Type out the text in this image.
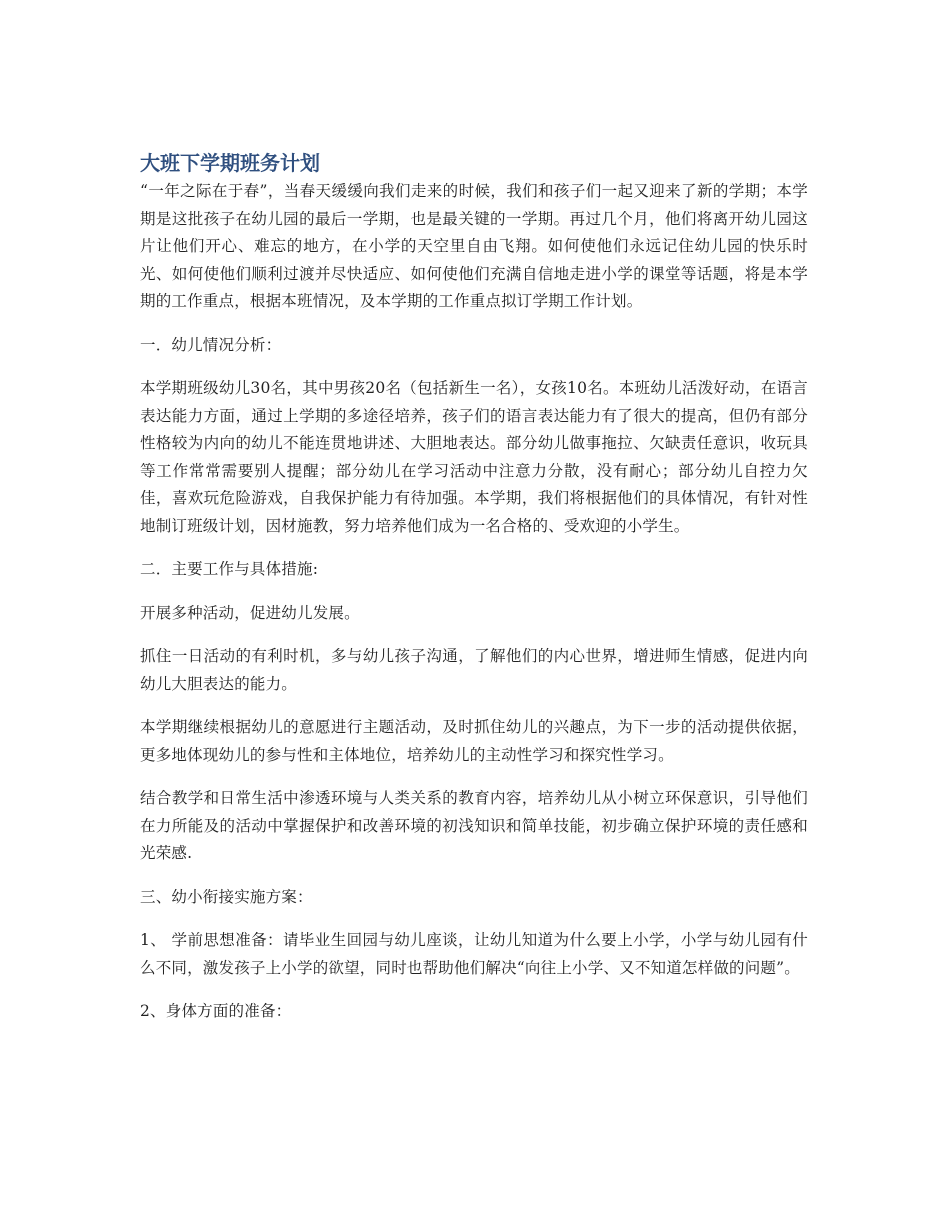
大班下学期班务计划

“一年之际在于春”，当春天缓缓向我们走来的时候，我们和孩子们一起又迎来了新的学期；本学期是这批孩子在幼儿园的最后一学期，也是最关键的一学期。再过几个月，他们将离开幼儿园这片让他们开心、难忘的地方，在小学的天空里自由飞翔。如何使他们永远记住幼儿园的快乐时光、如何使他们顺利过渡并尽快适应、如何使他们充满自信地走进小学的课堂等话题，将是本学期的工作重点，根据本班情况，及本学期的工作重点拟订学期工作计划。

一．幼儿情况分析：

本学期班级幼儿30名，其中男孩20名（包括新生一名），女孩10名。本班幼儿活泼好动，在语言表达能力方面，通过上学期的多途径培养，孩子们的语言表达能力有了很大的提高，但仍有部分性格较为内向的幼儿不能连贯地讲述、大胆地表达。部分幼儿做事拖拉、欠缺责任意识，收玩具 等工作常常需要别人提醒；部分幼儿在学习活动中注意力分散，没有耐心；部分幼儿自控力欠佳，喜欢玩危险游戏，自我保护能力有待加强。本学期，我们将根据他们的具体情况，有针对性地制订班级计划，因材施教，努力培养他们成为一名合格的、受欢迎的小学生。

二．主要工作与具体措施:

开展多种活动，促进幼儿发展。

抓住一日活动的有利时机，多与幼儿孩子沟通，了解他们的内心世界，增进师生情感，促进内向幼儿大胆表达的能力。

本学期继续根据幼儿的意愿进行主题活动，及时抓住幼儿的兴趣点，为下一步的活动提供依据，更多地体现幼儿的参与性和主体地位，培养幼儿的主动性学习和探究性学习。

结合教学和日常生活中渗透环境与人类关系的教育内容，培养幼儿从小树立环保意识，引导他们在力所能及的活动中掌握保护和改善环境的初浅知识和简单技能，初步确立保护环境的责任感和光荣感.

三、幼小衔接实施方案：

1、 学前思想准备：请毕业生回园与幼儿座谈，让幼儿知道为什么要上小学，小学与幼儿园有什么不同，激发孩子上小学的欲望，同时也帮助他们解决“向往上小学、又不知道怎样做的问题”。

2、身体方面的准备：
